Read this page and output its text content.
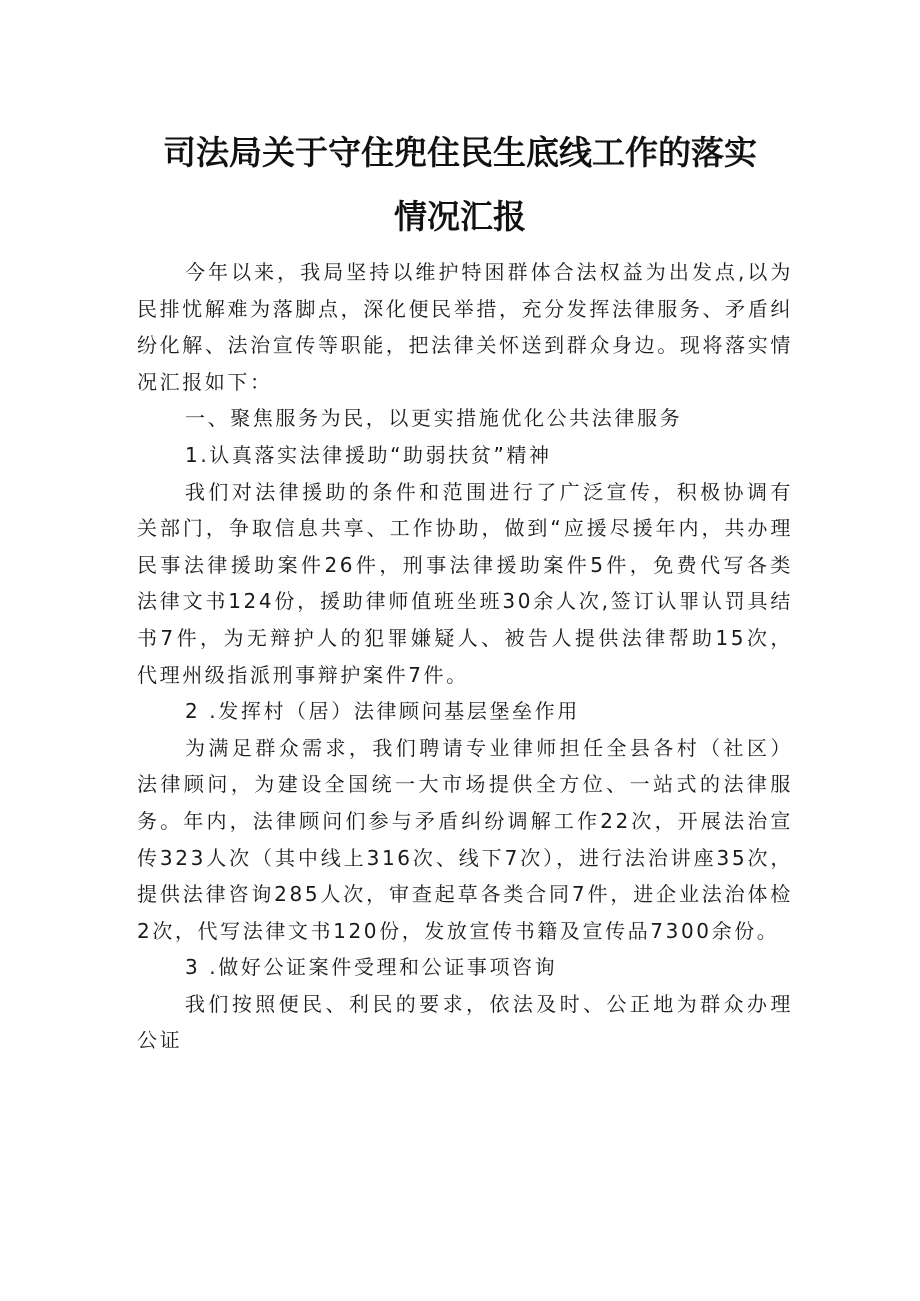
司法局关于守住兜住民生底线工作的落实
情况汇报

今年以来，我局坚持以维护特困群体合法权益为出发点,以为民排忧解难为落脚点，深化便民举措，充分发挥法律服务、矛盾纠纷化解、法治宣传等职能，把法律关怀送到群众身边。现将落实情况汇报如下：

一、聚焦服务为民，以更实措施优化公共法律服务

1.认真落实法律援助“助弱扶贫”精神

我们对法律援助的条件和范围进行了广泛宣传，积极协调有关部门，争取信息共享、工作协助，做到“应援尽援年内，共办理民事法律援助案件26件，刑事法律援助案件5件，免费代写各类法律文书124份，援助律师值班坐班30余人次,签订认罪认罚具结书7件，为无辩护人的犯罪嫌疑人、被告人提供法律帮助15次，代理州级指派刑事辩护案件7件。

2 .发挥村（居）法律顾问基层堡垒作用

为满足群众需求，我们聘请专业律师担任全县各村（社区）法律顾问，为建设全国统一大市场提供全方位、一站式的法律服务。年内，法律顾问们参与矛盾纠纷调解工作22次，开展法治宣传323人次（其中线上316次、线下7次），进行法治讲座35次，提供法律咨询285人次，审查起草各类合同7件，进企业法治体检2次，代写法律文书120份，发放宣传书籍及宣传品7300余份。

3 .做好公证案件受理和公证事项咨询

我们按照便民、利民的要求，依法及时、公正地为群众办理公证
